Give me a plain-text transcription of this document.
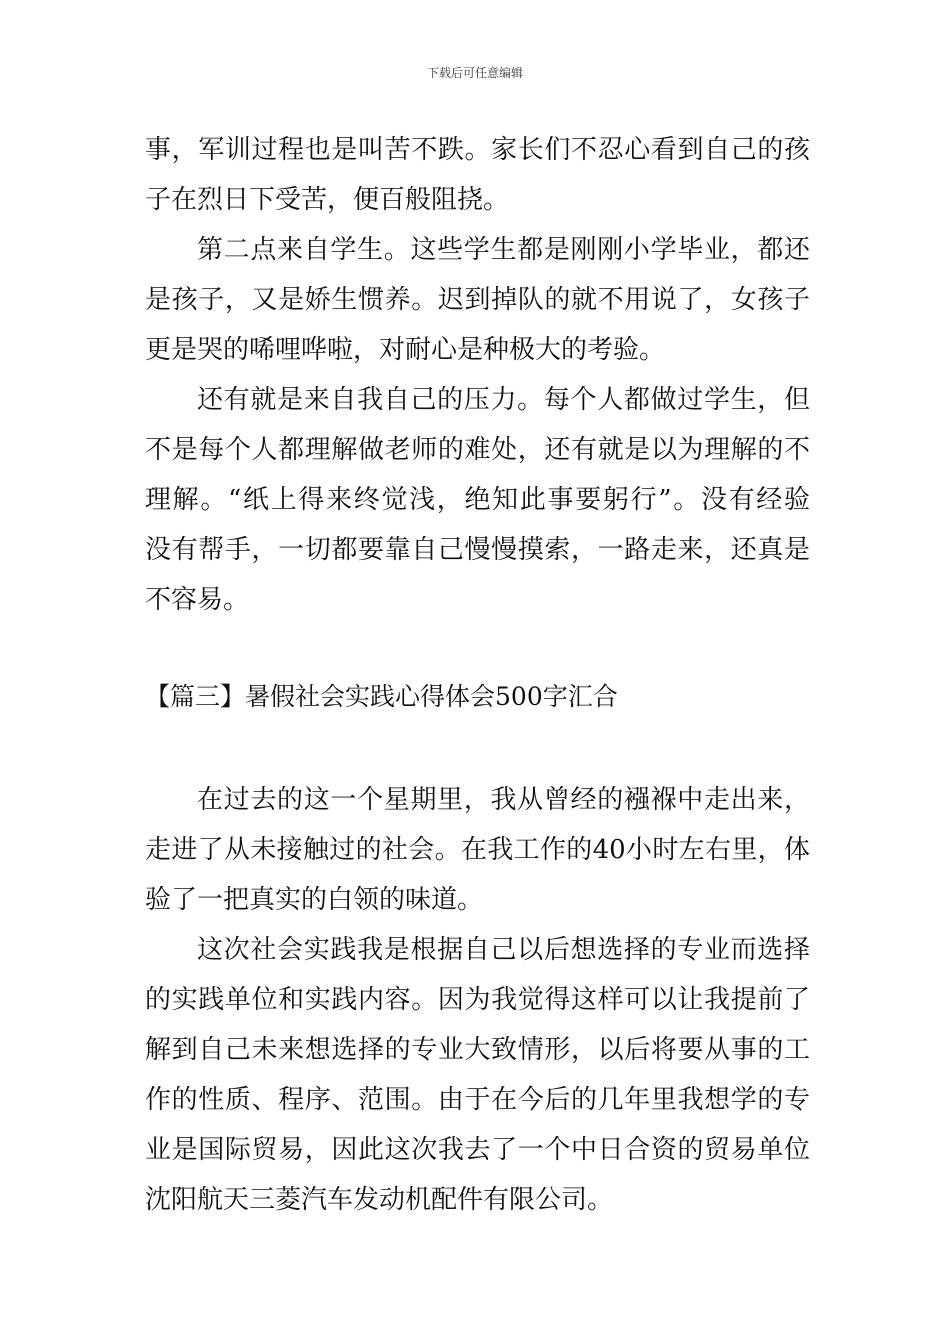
下载后可任意编辑
事，军训过程也是叫苦不跌。家长们不忍心看到自己的孩
子在烈日下受苦，便百般阻挠。
第二点来自学生。这些学生都是刚刚小学毕业，都还
是孩子，又是娇生惯养。迟到掉队的就不用说了，女孩子
更是哭的唏哩哗啦，对耐心是种极大的考验。
还有就是来自我自己的压力。每个人都做过学生，但
不是每个人都理解做老师的难处，还有就是以为理解的不
理解。“纸上得来终觉浅，绝知此事要躬行”。没有经验
没有帮手，一切都要靠自己慢慢摸索，一路走来，还真是
不容易。
【篇三】暑假社会实践心得体会500字汇合
在过去的这一个星期里，我从曾经的襁褓中走出来，
走进了从未接触过的社会。在我工作的40小时左右里，体
验了一把真实的白领的味道。
这次社会实践我是根据自己以后想选择的专业而选择
的实践单位和实践内容。因为我觉得这样可以让我提前了
解到自己未来想选择的专业大致情形，以后将要从事的工
作的性质、程序、范围。由于在今后的几年里我想学的专
业是国际贸易，因此这次我去了一个中日合资的贸易单位
沈阳航天三菱汽车发动机配件有限公司。
